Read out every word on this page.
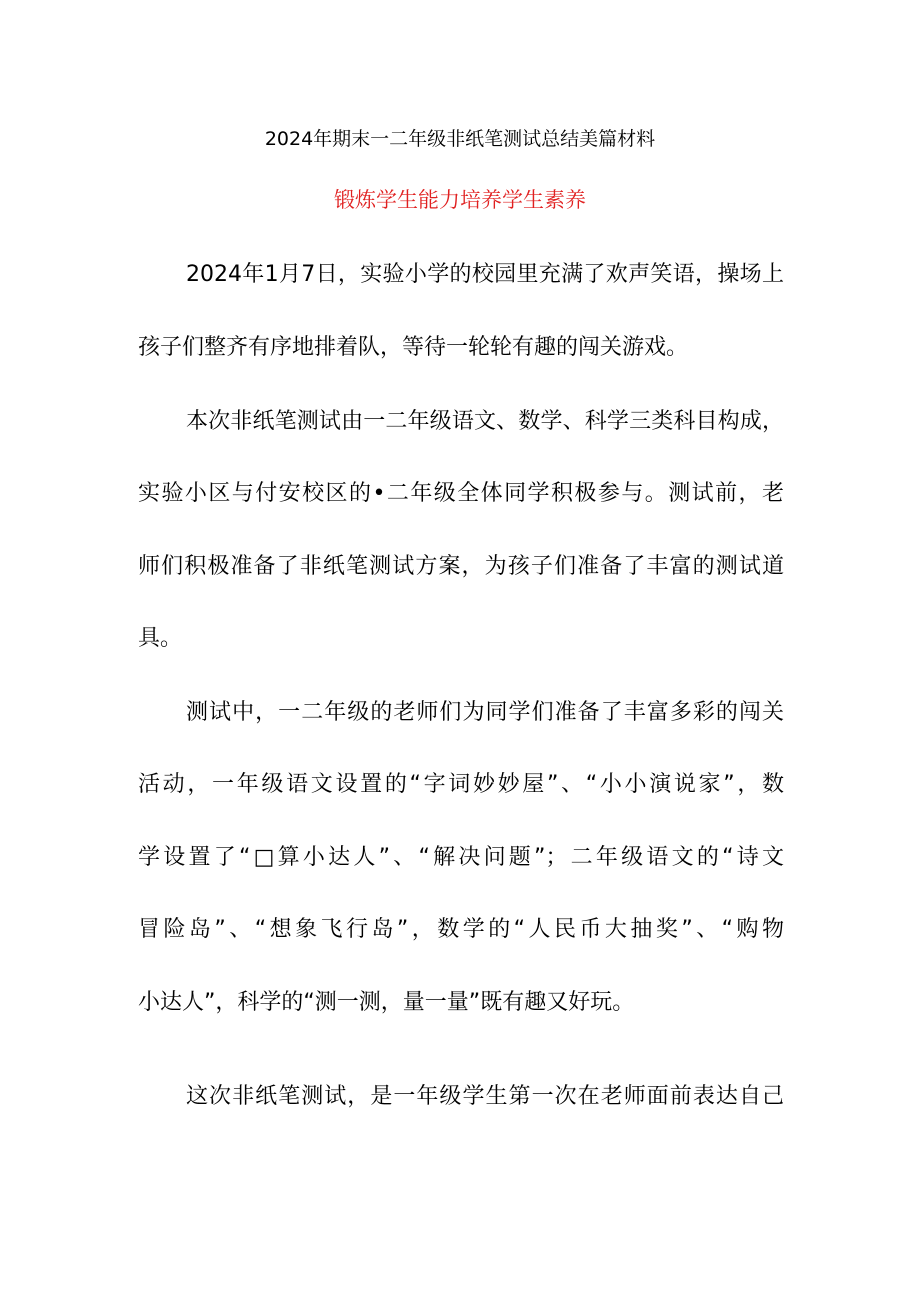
2024年期末一二年级非纸笔测试总结美篇材料
锻炼学生能力培养学生素养
2024年1月7日，实验小学的校园里充满了欢声笑语，操场上
孩子们整齐有序地排着队，等待一轮轮有趣的闯关游戏。
本次非纸笔测试由一二年级语文、数学、科学三类科目构成，
实验小区与付安校区的•二年级全体同学积极参与。测试前，老
师们积极准备了非纸笔测试方案，为孩子们准备了丰富的测试道
具。
测试中，一二年级的老师们为同学们准备了丰富多彩的闯关
活动，一年级语文设置的“字词妙妙屋”、“小小演说家”，数
学设置了“□算小达人”、“解决问题”；二年级语文的“诗文
冒险岛”、“想象飞行岛”，数学的“人民币大抽奖”、“购物
小达人”，科学的“测一测，量一量”既有趣又好玩。
这次非纸笔测试，是一年级学生第一次在老师面前表达自己
